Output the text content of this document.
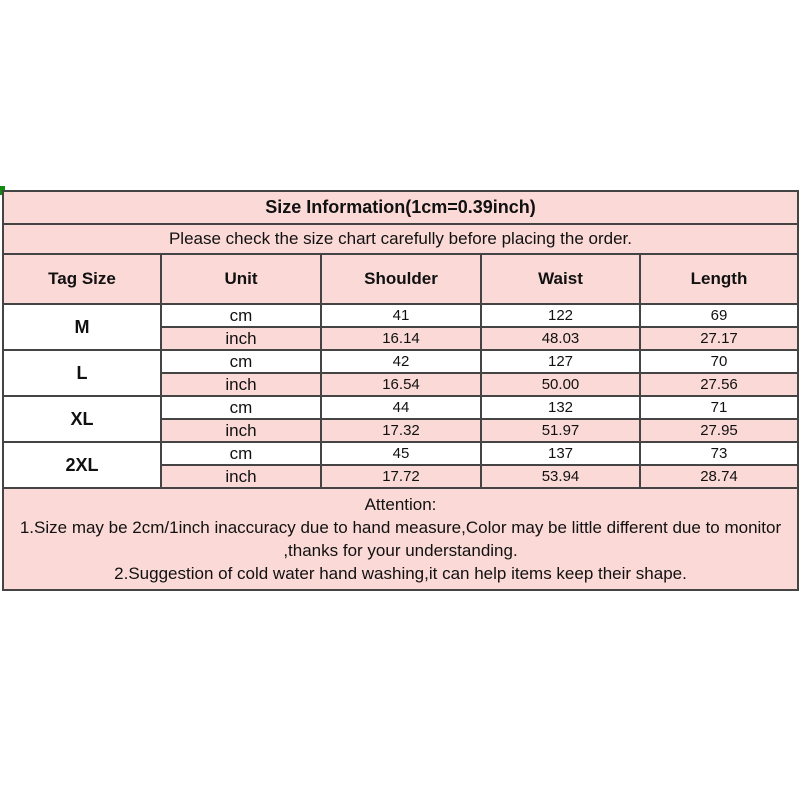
Size Information(1cm=0.39inch)				
Please check the size chart carefully before placing the order.				
Tag Size	Unit	Shoulder	Waist	Length
M	cm	41	122	69
	inch	16.14	48.03	27.17
L	cm	42	127	70
	inch	16.54	50.00	27.56
XL	cm	44	132	71
	inch	17.32	51.97	27.95
2XL	cm	45	137	73
	inch	17.72	53.94	28.74

Attention:
1.Size may be 2cm/1inch inaccuracy due to hand measure,Color may be little different due to monitor
,thanks for your understanding.
2.Suggestion of cold water hand washing,it can help items keep their shape.				
